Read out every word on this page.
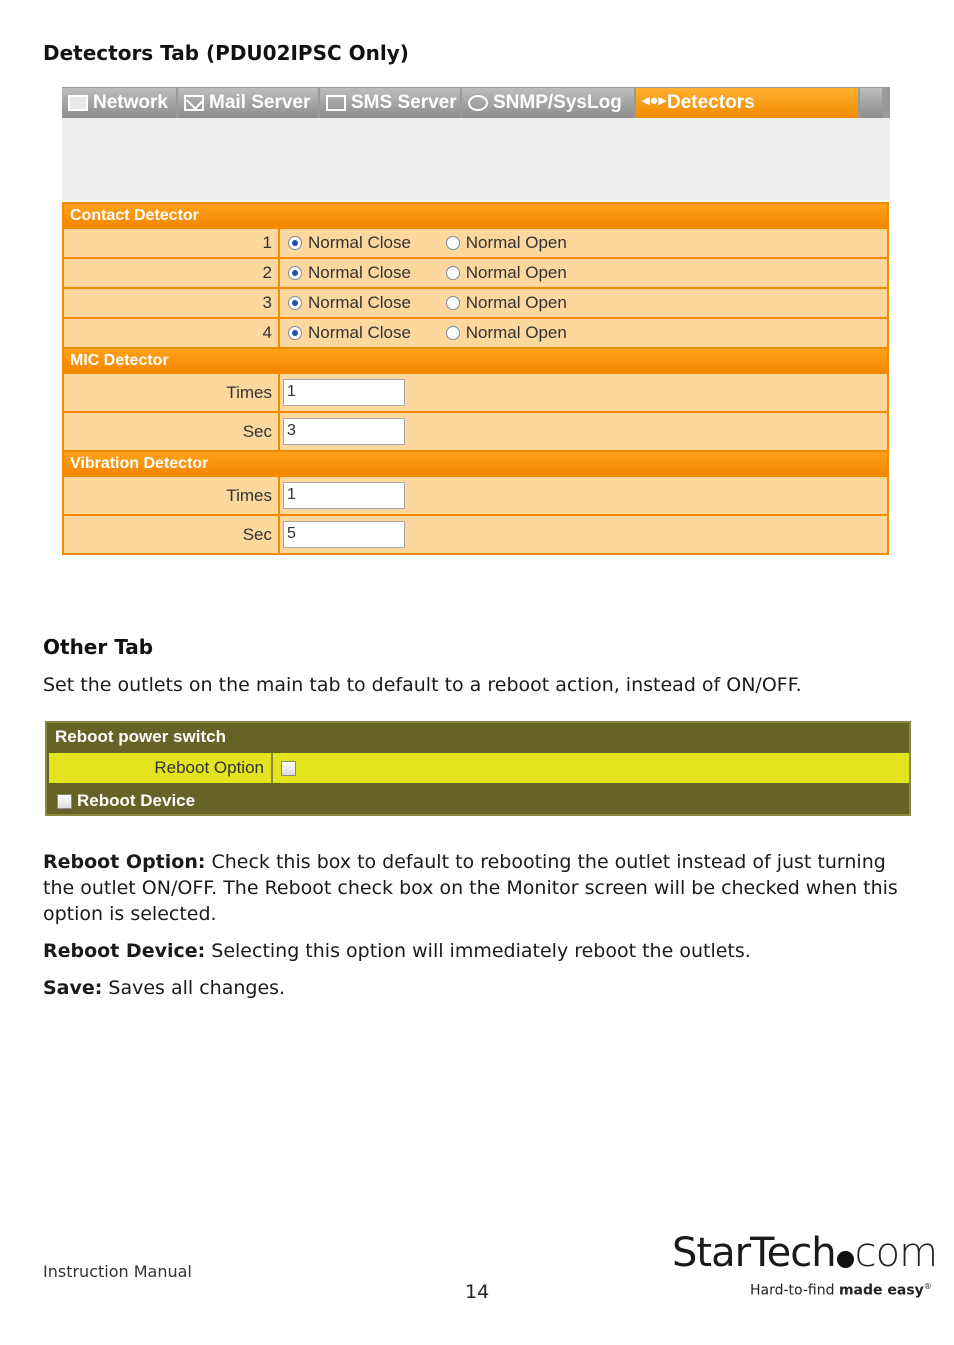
Detectors Tab (PDU02IPSC Only)
Network Mail Server SMS Server SNMP/SysLog ◂●▸ Detectors
Contact Detector	
1	Normal Close Normal Open
2	Normal Close Normal Open
3	Normal Close Normal Open
4	Normal Close Normal Open
MIC Detector	
Times	1
Sec	3
Vibration Detector	
Times	1
Sec	5
Other Tab
Set the outlets on the main tab to default to a reboot action, instead of ON/OFF.
Reboot power switch
Reboot Option
Reboot Device
Reboot Option: Check this box to default to rebooting the outlet instead of just turning the outlet ON/OFF. The Reboot check box on the Monitor screen will be checked when this option is selected.
Reboot Device: Selecting this option will immediately reboot the outlets.
Save: Saves all changes.
Instruction Manual
14
StarTech com
Hard-to-find made easy®
